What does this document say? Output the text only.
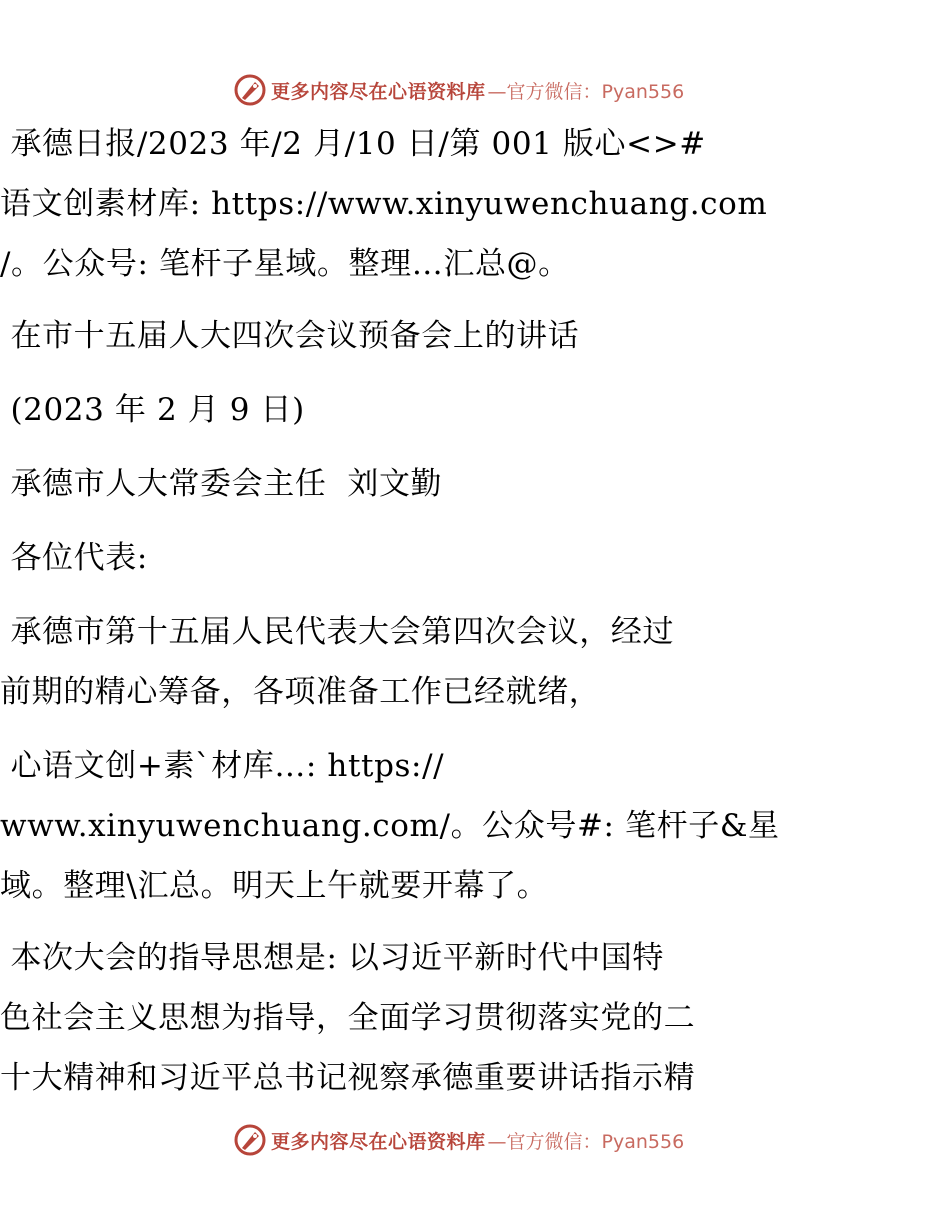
更多内容尽在心语资料库 —官方微信：Pyan556
承德日报/2023 年/2 月/10 日/第 001 版心<>#
语文创素材库: https://www.xinyuwenchuang.com
/。公众号: 笔杆子星域。整理…汇总@。
在市十五届人大四次会议预备会上的讲话
(2023 年 2 月 9 日)
承德市人大常委会主任  刘文勤
各位代表:
承德市第十五届人民代表大会第四次会议，经过
前期的精心筹备，各项准备工作已经就绪，
心语文创+素`材库…: https://
www.xinyuwenchuang.com/。公众号#: 笔杆子&星
域。整理\汇总。明天上午就要开幕了。
本次大会的指导思想是: 以习近平新时代中国特
色社会主义思想为指导，全面学习贯彻落实党的二
十大精神和习近平总书记视察承德重要讲话指示精
更多内容尽在心语资料库 —官方微信：Pyan556
